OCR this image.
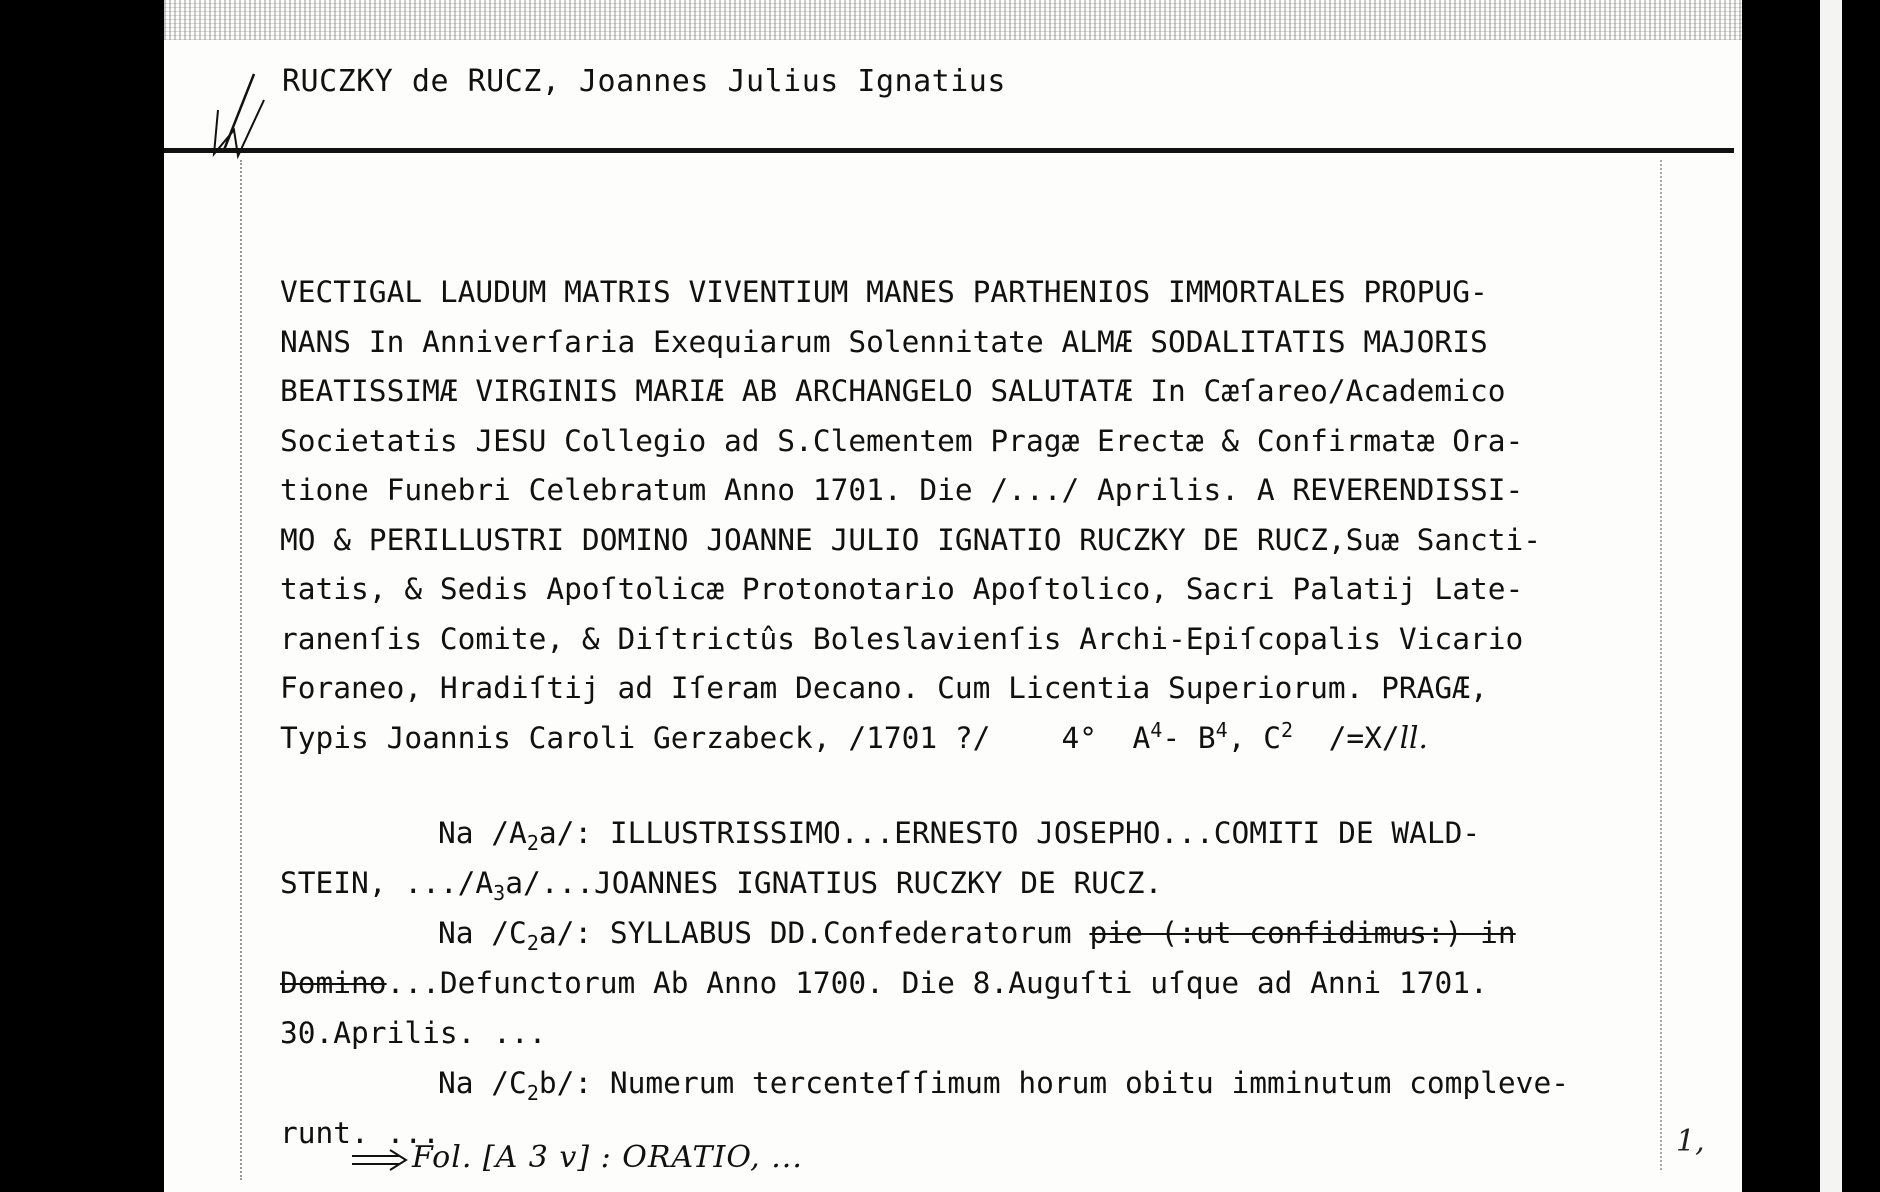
RUCZKY de RUCZ, Joannes Julius Ignatius
VECTIGAL LAUDUM MATRIS VIVENTIUM MANES PARTHENIOS IMMORTALES PROPUG-
NANS In Anniverſaria Exequiarum Solennitate ALMÆ SODALITATIS MAJORIS
BEATISSIMÆ VIRGINIS MARIÆ AB ARCHANGELO SALUTATÆ In Cæſareo/Academico
Societatis JESU Collegio ad S.Clementem Pragæ Erectæ & Confirmatæ Ora-
tione Funebri Celebratum Anno 1701. Die /.../ Aprilis. A REVERENDISSI-
MO & PERILLUSTRI DOMINO JOANNE JULIO IGNATIO RUCZKY DE RUCZ,Suæ Sancti-
tatis, & Sedis Apoſtolicæ Protonotario Apoſtolico, Sacri Palatij Late-
ranenſis Comite, & Diſtrictûs Boleslavienſis Archi-Epiſcopalis Vicario
Foraneo, Hradiſtij ad Iſeram Decano. Cum Licentia Superiorum. PRAGÆ,
Typis Joannis Caroli Gerzabeck, /1701 ?/ 4° $A^4-$ $B^4$, $C^2$ /=X/ll.
Na $/A_2a/$: ILLUSTRISSIMO...ERNESTO JOSEPHO...COMITI DE WALD-
STEIN, $.../A_3a/...JOANNES$ IGNATIUS RUCZKY DE RUCZ.
Na $/C_2a/$: SYLLABUS DD.Confederatorum pie (:ut confidimus:) in
Domino...Defunctorum Ab Anno 1700. Die 8.Auguſti uſque ad Anni 1701.
30.Aprilis. ...
Na $/C_2b/$: Numerum tercenteſſimum horum obitu imminutum compleve-
runt. ...
Fol. [A 3 v] : ORATIO, ...	1,
